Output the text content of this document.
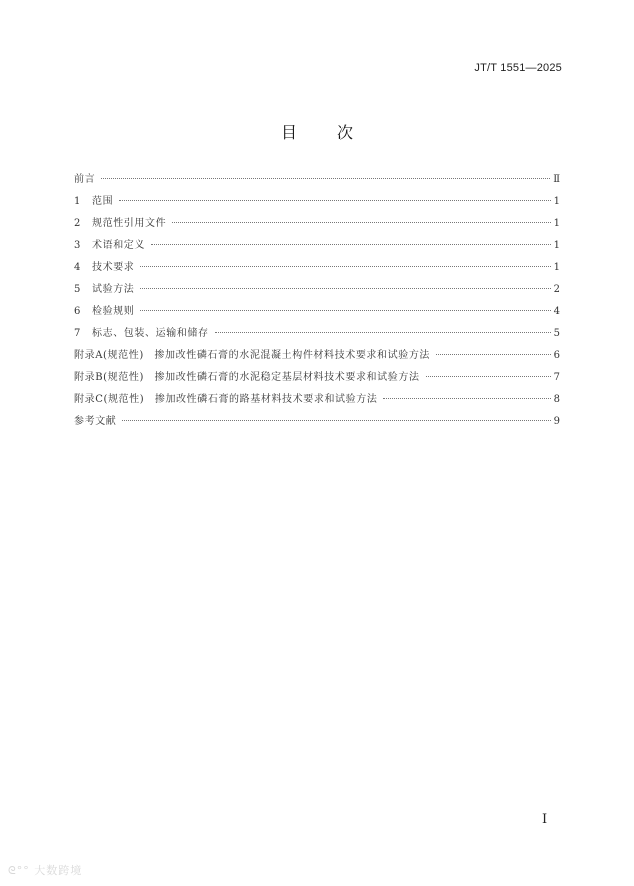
JT/T 1551—2025
目	次
前言	Ⅱ
1	范围	1
2	规范性引用文件	1
3	术语和定义	1
4	技术要求	1
5	试验方法	2
6	检验规则	4
7	标志、包装、运输和储存	5
附录A(规范性)　掺加改性磷石膏的水泥混凝土构件材料技术要求和试验方法	6
附录B(规范性)　掺加改性磷石膏的水泥稳定基层材料技术要求和试验方法	7
附录C(规范性)　掺加改性磷石膏的路基材料技术要求和试验方法	8
参考文献	9
I
ᘓ°° 大数跨境
